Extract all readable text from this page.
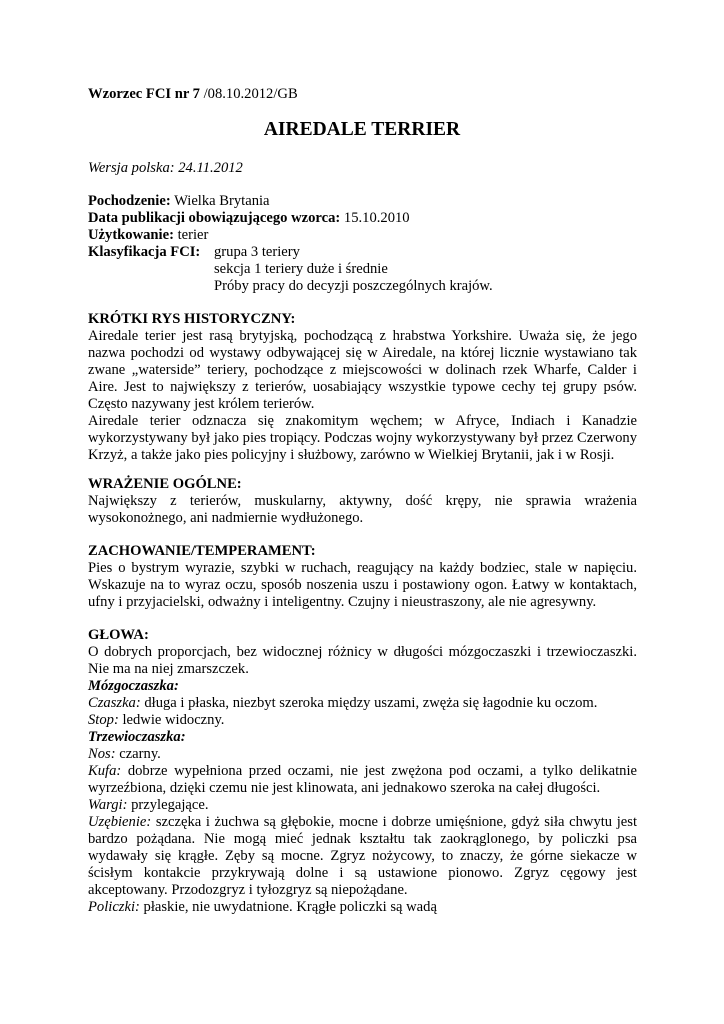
Wzorzec FCI nr 7 /08.10.2012/GB

AIREDALE TERRIER

Wersja polska: 24.11.2012

Pochodzenie: Wielka Brytania

Data publikacji obowiązującego wzorca: 15.10.2010

Użytkowanie: terier

Klasyfikacja FCI: grupa 3 teriery

sekcja 1 teriery duże i średnie

Próby pracy do decyzji poszczególnych krajów.

KRÓTKI RYS HISTORYCZNY:

Airedale terier jest rasą brytyjską, pochodzącą z hrabstwa Yorkshire. Uważa się, że jego nazwa pochodzi od wystawy odbywającej się w Airedale, na której licznie wystawiano tak zwane „waterside” teriery, pochodzące z miejscowości w dolinach rzek Wharfe, Calder i Aire. Jest to największy z terierów, uosabiający wszystkie typowe cechy tej grupy psów. Często nazywany jest królem terierów.

Airedale terier odznacza się znakomitym węchem; w Afryce, Indiach i Kanadzie wykorzystywany był jako pies tropiący. Podczas wojny wykorzystywany był przez Czerwony Krzyż, a także jako pies policyjny i służbowy, zarówno w Wielkiej Brytanii, jak i w Rosji.

WRAŻENIE OGÓLNE:

Największy z terierów, muskularny, aktywny, dość krępy, nie sprawia wrażenia wysokonożnego, ani nadmiernie wydłużonego.

ZACHOWANIE/TEMPERAMENT:

Pies o bystrym wyrazie, szybki w ruchach, reagujący na każdy bodziec, stale w napięciu. Wskazuje na to wyraz oczu, sposób noszenia uszu i postawiony ogon. Łatwy w kontaktach, ufny i przyjacielski, odważny i inteligentny. Czujny i nieustraszony, ale nie agresywny.

GŁOWA:

O dobrych proporcjach, bez widocznej różnicy w długości mózgoczaszki i trzewioczaszki. Nie ma na niej zmarszczek.

Mózgoczaszka:

Czaszka: długa i płaska, niezbyt szeroka między uszami, zwęża się łagodnie ku oczom.

Stop: ledwie widoczny.

Trzewioczaszka:

Nos: czarny.

Kufa: dobrze wypełniona przed oczami, nie jest zwężona pod oczami, a tylko delikatnie wyrzeźbiona, dzięki czemu nie jest klinowata, ani jednakowo szeroka na całej długości.

Wargi: przylegające.

Uzębienie: szczęka i żuchwa są głębokie, mocne i dobrze umięśnione, gdyż siła chwytu jest bardzo pożądana. Nie mogą mieć jednak kształtu tak zaokrąglonego, by policzki psa wydawały się krągłe. Zęby są mocne. Zgryz nożycowy, to znaczy, że górne siekacze w ścisłym kontakcie przykrywają dolne i są ustawione pionowo. Zgryz cęgowy jest akceptowany. Przodozgryz i tyłozgryz są niepożądane.

Policzki: płaskie, nie uwydatnione. Krągłe policzki są wadą
